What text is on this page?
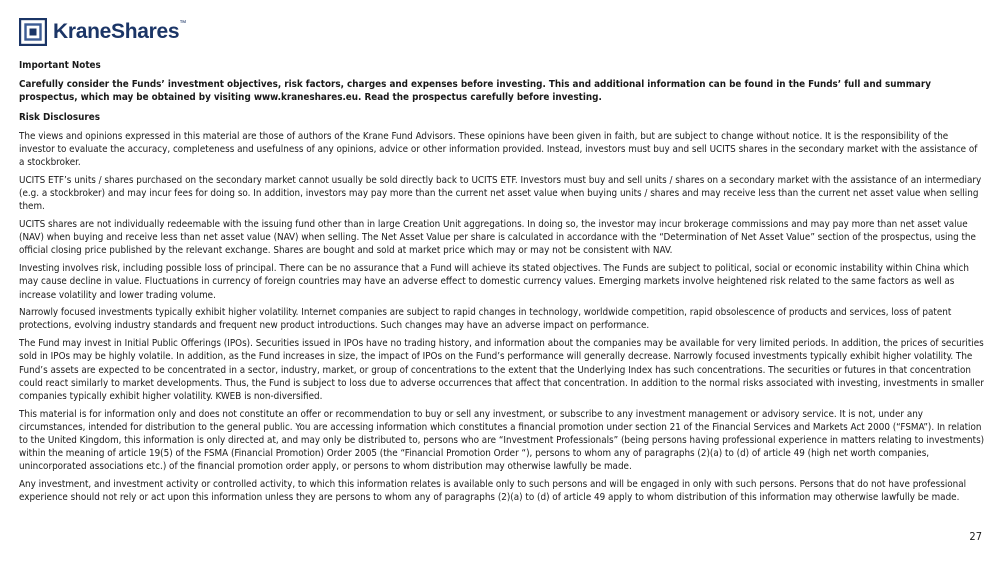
KraneShares™

Important Notes

Carefully consider the Funds’ investment objectives, risk factors, charges and expenses before investing. This and additional information can be found in the Funds’ full and summary prospectus, which may be obtained by visiting www.kraneshares.eu. Read the prospectus carefully before investing.

Risk Disclosures

The views and opinions expressed in this material are those of authors of the Krane Fund Advisors. These opinions have been given in faith, but are subject to change without notice. It is the responsibility of the investor to evaluate the accuracy, completeness and usefulness of any opinions, advice or other information provided. Instead, investors must buy and sell UCITS shares in the secondary market with the assistance of a stockbroker.

UCITS ETF’s units / shares purchased on the secondary market cannot usually be sold directly back to UCITS ETF. Investors must buy and sell units / shares on a secondary market with the assistance of an intermediary (e.g. a stockbroker) and may incur fees for doing so. In addition, investors may pay more than the current net asset value when buying units / shares and may receive less than the current net asset value when selling them.

UCITS shares are not individually redeemable with the issuing fund other than in large Creation Unit aggregations. In doing so, the investor may incur brokerage commissions and may pay more than net asset value (NAV) when buying and receive less than net asset value (NAV) when selling. The Net Asset Value per share is calculated in accordance with the “Determination of Net Asset Value” section of the prospectus, using the official closing price published by the relevant exchange. Shares are bought and sold at market price which may or may not be consistent with NAV.

Investing involves risk, including possible loss of principal. There can be no assurance that a Fund will achieve its stated objectives. The Funds are subject to political, social or economic instability within China which may cause decline in value. Fluctuations in currency of foreign countries may have an adverse effect to domestic currency values. Emerging markets involve heightened risk related to the same factors as well as increase volatility and lower trading volume.

Narrowly focused investments typically exhibit higher volatility. Internet companies are subject to rapid changes in technology, worldwide competition, rapid obsolescence of products and services, loss of patent protections, evolving industry standards and frequent new product introductions. Such changes may have an adverse impact on performance.

The Fund may invest in Initial Public Offerings (IPOs). Securities issued in IPOs have no trading history, and information about the companies may be available for very limited periods. In addition, the prices of securities sold in IPOs may be highly volatile. In addition, as the Fund increases in size, the impact of IPOs on the Fund’s performance will generally decrease. Narrowly focused investments typically exhibit higher volatility. The Fund’s assets are expected to be concentrated in a sector, industry, market, or group of concentrations to the extent that the Underlying Index has such concentrations. The securities or futures in that concentration could react similarly to market developments. Thus, the Fund is subject to loss due to adverse occurrences that affect that concentration. In addition to the normal risks associated with investing, investments in smaller companies typically exhibit higher volatility. KWEB is non-diversified.

This material is for information only and does not constitute an offer or recommendation to buy or sell any investment, or subscribe to any investment management or advisory service. It is not, under any circumstances, intended for distribution to the general public. You are accessing information which constitutes a financial promotion under section 21 of the Financial Services and Markets Act 2000 (“FSMA”). In relation to the United Kingdom, this information is only directed at, and may only be distributed to, persons who are “Investment Professionals” (being persons having professional experience in matters relating to investments) within the meaning of article 19(5) of the FSMA (Financial Promotion) Order 2005 (the “Financial Promotion Order “), persons to whom any of paragraphs (2)(a) to (d) of article 49 (high net worth companies, unincorporated associations etc.) of the financial promotion order apply, or persons to whom distribution may otherwise lawfully be made.

Any investment, and investment activity or controlled activity, to which this information relates is available only to such persons and will be engaged in only with such persons. Persons that do not have professional experience should not rely or act upon this information unless they are persons to whom any of paragraphs (2)(a) to (d) of article 49 apply to whom distribution of this information may otherwise lawfully be made.

27
